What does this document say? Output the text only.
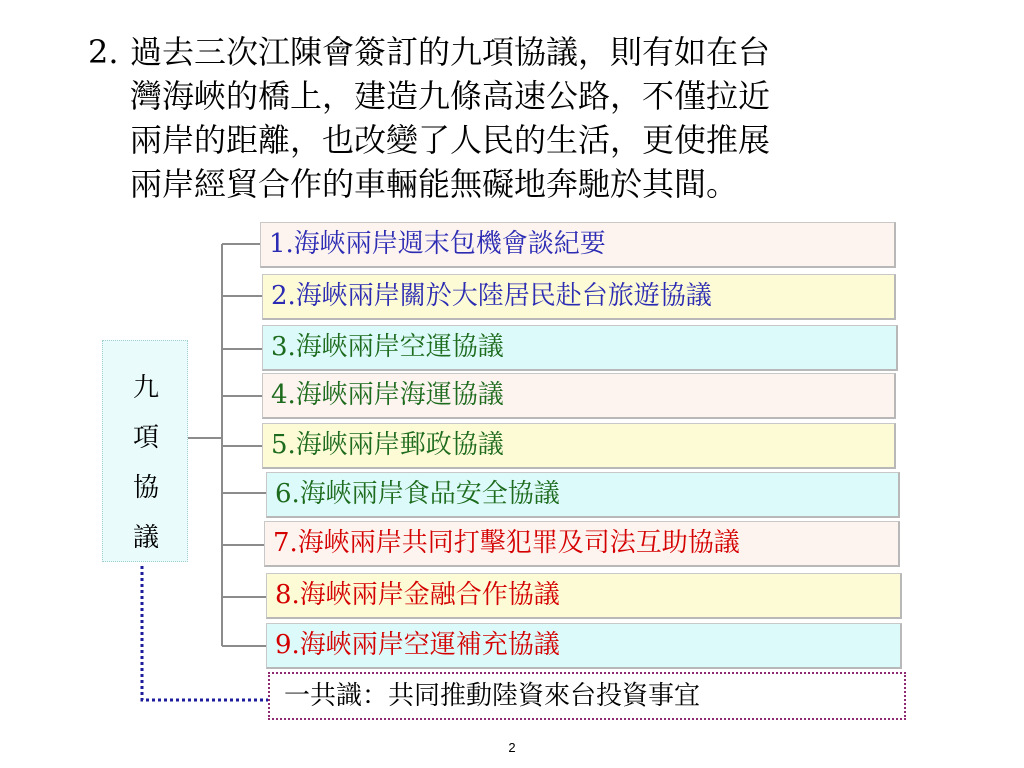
2. 過去三次江陳會簽訂的九項協議，則有如在台
灣海峽的橋上，建造九條高速公路，不僅拉近
兩岸的距離，也改變了人民的生活，更使推展
兩岸經貿合作的車輛能無礙地奔馳於其間。
九
項
協
議
1.海峽兩岸週末包機會談紀要
2.海峽兩岸關於大陸居民赴台旅遊協議
3.海峽兩岸空運協議
4.海峽兩岸海運協議
5.海峽兩岸郵政協議
6.海峽兩岸食品安全協議
7.海峽兩岸共同打擊犯罪及司法互助協議
8.海峽兩岸金融合作協議
9.海峽兩岸空運補充協議
一共識：共同推動陸資來台投資事宜
2
